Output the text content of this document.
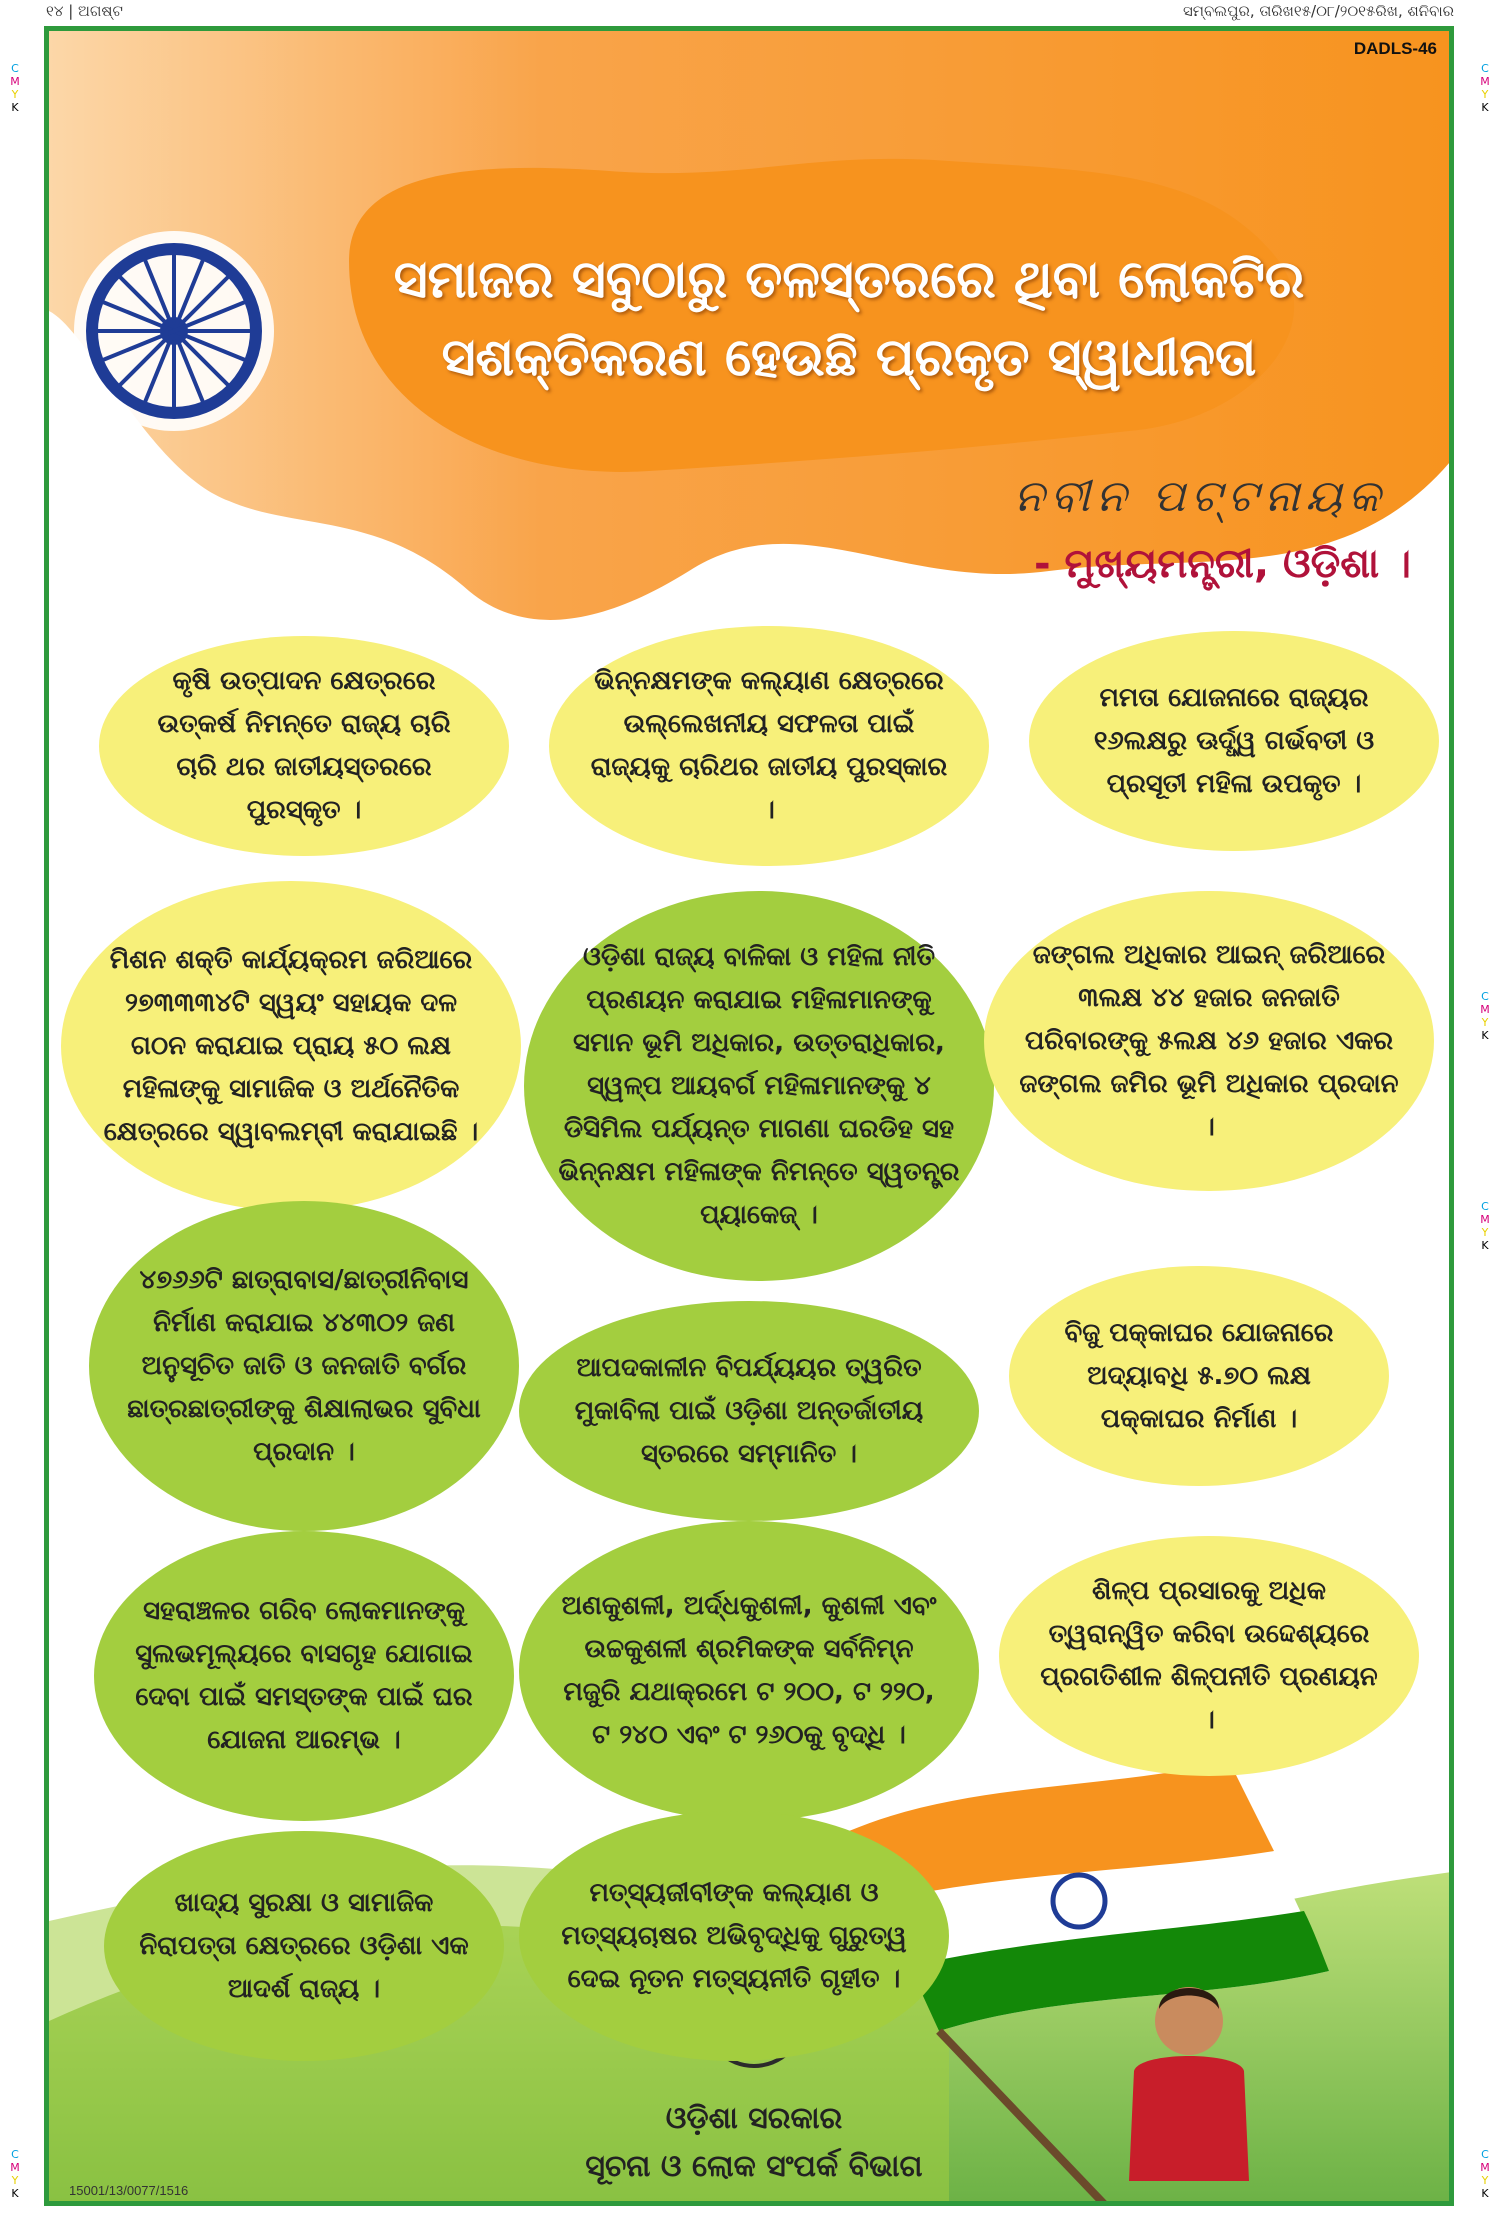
୧୪ | ଅଗଷ୍ଟ	ସମ୍ବଲପୁର, ତାରିଖ୧୫/୦୮/୨୦୧୫ରିଖ, ଶନିବାର
C
M
Y
K
C
M
Y
K
C
M
Y
K
C
M
Y
K
C
M
Y
K
C
M
Y
K
DADLS-46
ସମାଜର ସବୁଠାରୁ ତଳସ୍ତରରେ ଥିବା ଲୋକଟିର
ସଶକ୍ତିକରଣ ହେଉଛି ପ୍ରକୃତ ସ୍ୱାଧୀନତା
ନବୀନ ପଟ୍ଟନାୟକ
- ମୁଖ୍ୟମନ୍ତ୍ରୀ, ଓଡ଼ିଶା ।
କୃଷି ଉତ୍ପାଦନ କ୍ଷେତ୍ରରେ ଉତ୍କର୍ଷ ନିମନ୍ତେ ରାଜ୍ୟ ଚାରି ଚାରି ଥର ଜାତୀୟସ୍ତରରେ ପୁରସ୍କୃତ ।
ଭିନ୍ନକ୍ଷମଙ୍କ କଲ୍ୟାଣ କ୍ଷେତ୍ରରେ ଉଲ୍ଲେଖନୀୟ ସଫଳତା ପାଇଁ ରାଜ୍ୟକୁ ଚାରିଥର ଜାତୀୟ ପୁରସ୍କାର ।
ମମତା ଯୋଜନାରେ ରାଜ୍ୟର ୧୬ଲକ୍ଷରୁ ଊର୍ଦ୍ଧ୍ୱ ଗର୍ଭବତୀ ଓ ପ୍ରସୂତୀ ମହିଳା ଉପକୃତ ।
ମିଶନ ଶକ୍ତି କାର୍ଯ୍ୟକ୍ରମ ଜରିଆରେ ୨୭୩୩୩୪ଟି ସ୍ୱୟଂ ସହାୟକ ଦଳ ଗଠନ କରାଯାଇ ପ୍ରାୟ ୫୦ ଲକ୍ଷ ମହିଳାଙ୍କୁ ସାମାଜିକ ଓ ଅର୍ଥନୈତିକ କ୍ଷେତ୍ରରେ ସ୍ୱାବଲମ୍ବୀ କରାଯାଇଛି ।
ଓଡ଼ିଶା ରାଜ୍ୟ ବାଳିକା ଓ ମହିଳା ନୀତି ପ୍ରଣୟନ କରାଯାଇ ମହିଳାମାନଙ୍କୁ ସମାନ ଭୂମି ଅଧିକାର, ଉତ୍ତରାଧିକାର, ସ୍ୱଳ୍ପ ଆୟବର୍ଗ ମହିଳାମାନଙ୍କୁ ୪ ଡିସିମିଲ ପର୍ଯ୍ୟନ୍ତ ମାଗଣା ଘରଡିହ ସହ ଭିନ୍ନକ୍ଷମ ମହିଳାଙ୍କ ନିମନ୍ତେ ସ୍ୱତନ୍ତ୍ର ପ୍ୟାକେଜ୍ ।
ଜଙ୍ଗଲ ଅଧିକାର ଆଇନ୍ ଜରିଆରେ ୩ଲକ୍ଷ ୪୪ ହଜାର ଜନଜାତି ପରିବାରଙ୍କୁ ୫ଲକ୍ଷ ୪୬ ହଜାର ଏକର ଜଙ୍ଗଲ ଜମିର ଭୂମି ଅଧିକାର ପ୍ରଦାନ ।
୪୭୬୬ଟି ଛାତ୍ରାବାସ/ଛାତ୍ରୀନିବାସ ନିର୍ମାଣ କରାଯାଇ ୪୪୩୦୨ ଜଣ ଅନୁସୂଚିତ ଜାତି ଓ ଜନଜାତି ବର୍ଗର ଛାତ୍ରଛାତ୍ରୀଙ୍କୁ ଶିକ୍ଷାଲାଭର ସୁବିଧା ପ୍ରଦାନ ।
ଆପଦକାଳୀନ ବିପର୍ଯ୍ୟୟର ତ୍ୱରିତ ମୁକାବିଲା ପାଇଁ ଓଡ଼ିଶା ଅନ୍ତର୍ଜାତୀୟ ସ୍ତରରେ ସମ୍ମାନିତ ।
ବିଜୁ ପକ୍କାଘର ଯୋଜନାରେ ଅଦ୍ୟାବଧି ୫.୭୦ ଲକ୍ଷ ପକ୍କାଘର ନିର୍ମାଣ ।
ସହରାଞ୍ଚଳର ଗରିବ ଲୋକମାନଙ୍କୁ ସୁଲଭମୂଲ୍ୟରେ ବାସଗୃହ ଯୋଗାଇ ଦେବା ପାଇଁ ସମସ୍ତଙ୍କ ପାଇଁ ଘର ଯୋଜନା ଆରମ୍ଭ ।
ଅଣକୁଶଳୀ, ଅର୍ଦ୍ଧକୁଶଳୀ, କୁଶଳୀ ଏବଂ ଉଚ୍ଚକୁଶଳୀ ଶ୍ରମିକଙ୍କ ସର୍ବନିମ୍ନ ମଜୁରି ଯଥାକ୍ରମେ ଟ ୨୦୦, ଟ ୨୨୦, ଟ ୨୪୦ ଏବଂ ଟ ୨୬୦କୁ ବୃଦ୍ଧି ।
ଶିଳ୍ପ ପ୍ରସାରକୁ ଅଧିକ ତ୍ୱରାନ୍ୱିତ କରିବା ଉଦ୍ଦେଶ୍ୟରେ ପ୍ରଗତିଶୀଳ ଶିଳ୍ପନୀତି ପ୍ରଣୟନ ।
ଖାଦ୍ୟ ସୁରକ୍ଷା ଓ ସାମାଜିକ ନିରାପତ୍ତା କ୍ଷେତ୍ରରେ ଓଡ଼ିଶା ଏକ ଆଦର୍ଶ ରାଜ୍ୟ ।
ମତ୍ସ୍ୟଜୀବୀଙ୍କ କଲ୍ୟାଣ ଓ ମତ୍ସ୍ୟଚାଷର ଅଭିବୃଦ୍ଧିକୁ ଗୁରୁତ୍ୱ ଦେଇ ନୂତନ ମତ୍ସ୍ୟନୀତି ଗୃହୀତ ।
ଓଡ଼ିଶା ସରକାର
ସୂଚନା ଓ ଲୋକ ସଂପର୍କ ବିଭାଗ
15001/13/0077/1516
